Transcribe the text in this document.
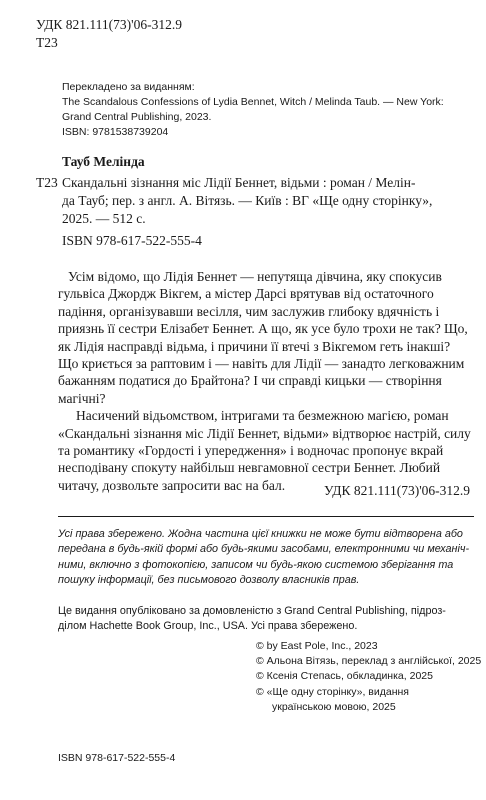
УДК 821.111(73)'06-312.9
Т23
Перекладено за виданням:
The Scandalous Confessions of Lydia Bennet, Witch / Melinda Taub. — New York:
Grand Central Publishing, 2023.
ISBN: 9781538739204
Тауб Мелінда
Т23 Скандальні зізнання міс Лідії Беннет, відьми : роман / Мелін-
да Тауб; пер. з англ. А. Вітязь. — Київ : ВГ «Ще одну сторінку»,
2025. — 512 с.
ISBN 978-617-522-555-4
Усім відомо, що Лідія Беннет — непутяща дівчина, яку спокусив
гульвіса Джордж Вікгем, а містер Дарсі врятував від остаточного
падіння, організувавши весілля, чим заслужив глибоку вдячність і
приязнь її сестри Елізабет Беннет. А що, як усе було трохи не так? Що,
як Лідія насправді відьма, і причини її втечі з Вікгемом геть інакші?
Що криється за раптовим і — навіть для Лідії — занадто легковажним
бажанням податися до Брайтона? І чи справді кицьки — створіння
магічні?
Насичений відьомством, інтригами та безмежною магією, роман
«Скандальні зізнання міс Лідії Беннет, відьми» відтворює настрій, силу
та романтику «Гордості і упередження» і водночас пропонує вкрай
несподівану спокуту найбільш невгамовної сестри Беннет. Любий
читачу, дозвольте запросити вас на бал.	УДК 821.111(73)'06-312.9
Усі права збережено. Жодна частина цієї книжки не може бути відтворена або
передана в будь-якій формі або будь-якими засобами, електронними чи механіч-
ними, включно з фотокопією, записом чи будь-якою системою зберігання та
пошуку інформації, без письмового дозволу власників прав.
Це видання опубліковано за домовленістю з Grand Central Publishing, підроз-
ділом Hachette Book Group, Inc., USA. Усі права збережено.
© by East Pole, Inc., 2023
© Альона Вітязь, переклад з англійської, 2025
© Ксенія Степась, обкладинка, 2025
© «Ще одну сторінку», видання
українською мовою, 2025
ISBN 978-617-522-555-4
